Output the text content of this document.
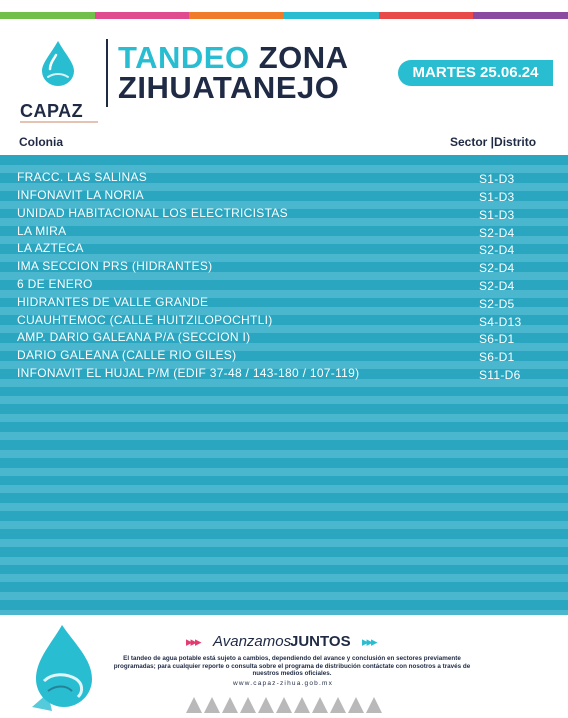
CAPAZ
TANDEO ZONA
ZIHUATANEJO	MARTES 25.06.24
Colonia	Sector |Distrito
FRACC. LAS SALINAS	S1-D3
INFONAVIT LA NORIA	S1-D3
UNIDAD HABITACIONAL LOS ELECTRICISTAS	S1-D3
LA MIRA	S2-D4
LA AZTECA	S2-D4
IMA SECCION PRS (HIDRANTES)	S2-D4
6 DE ENERO	S2-D4
HIDRANTES DE VALLE GRANDE	S2-D5
CUAUHTEMOC (CALLE HUITZILOPOCHTLI)	S4-D13
AMP. DARIO GALEANA P/A (SECCION I)	S6-D1
DARIO GALEANA (CALLE RIO GILES)	S6-D1
INFONAVIT EL HUJAL P/M (EDIF 37-48 / 143-180 / 107-119)	S11-D6
▸▸▸ Avanzamos
JUNTOS ▸▸▸
El tandeo de agua potable está sujeto a cambios, dependiendo del avance y conclusión en sectores previamente programadas; para cualquier reporte o consulta sobre el programa de distribución contáctate con nosotros a través de nuestros medios oficiales.
www.capaz-zihua.gob.mx
